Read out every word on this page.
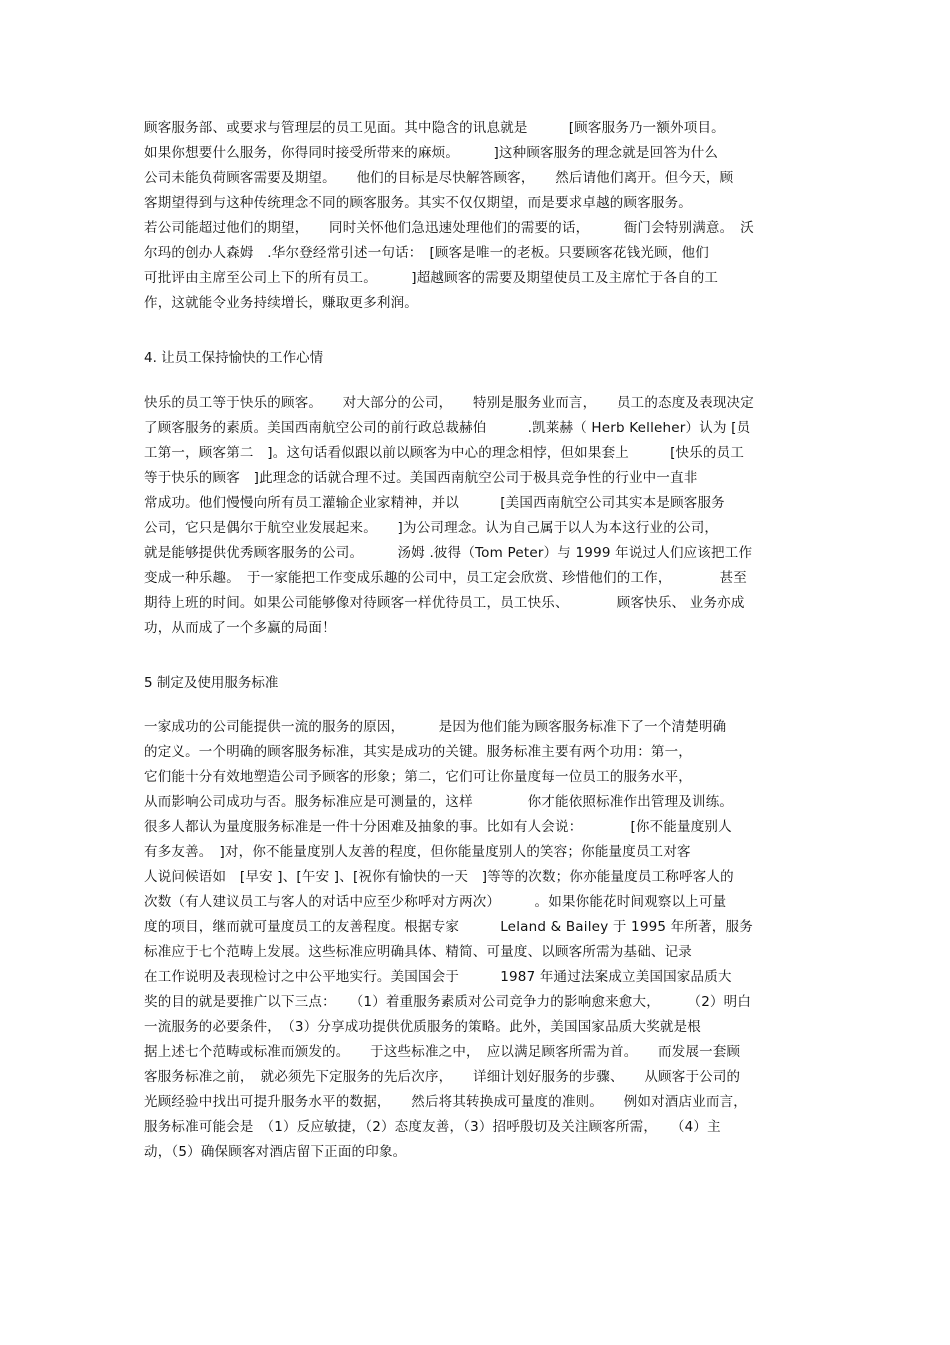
顾客服务部、或要求与管理层的员工见面。其中隐含的讯息就是　　　[顾客服务乃一额外项目。
如果你想要什么服务，你得同时接受所带来的麻烦。　　　]这种顾客服务的理念就是回答为什么
公司未能负荷顾客需要及期望。　　他们的目标是尽快解答顾客，　　然后请他们离开。但今天，顾
客期望得到与这种传统理念不同的顾客服务。其实不仅仅期望，而是要求卓越的顾客服务。
若公司能超过他们的期望，　　同时关怀他们急迅速处理他们的需要的话，　　　衙门会特别满意。　沃
尔玛的创办人森姆　.华尔登经常引述一句话：　[顾客是唯一的老板。只要顾客花钱光顾，他们
可批评由主席至公司上下的所有员工。　　　]超越顾客的需要及期望使员工及主席忙于各自的工
作，这就能令业务持续增长，赚取更多利润。
4. 让员工保持愉快的工作心情
快乐的员工等于快乐的顾客。　　对大部分的公司，　　特别是服务业而言，　　员工的态度及表现决定
了顾客服务的素质。美国西南航空公司的前行政总裁赫伯　　　.凯莱赫（ Herb Kelleher）认为 [员
工第一，顾客第二　]。这句话看似跟以前以顾客为中心的理念相悖，但如果套上　　　[快乐的员工
等于快乐的顾客　]此理念的话就合理不过。美国西南航空公司于极具竞争性的行业中一直非
常成功。他们慢慢向所有员工灌输企业家精神，并以　　　[美国西南航空公司其实本是顾客服务
公司，它只是偶尔于航空业发展起来。　　]为公司理念。认为自己属于以人为本这行业的公司，
就是能够提供优秀顾客服务的公司。　　　汤姆 .彼得（Tom Peter）与 1999 年说过人们应该把工作
变成一种乐趣。　于一家能把工作变成乐趣的公司中，员工定会欣赏、珍惜他们的工作，　　　　甚至
期待上班的时间。如果公司能够像对待顾客一样优待员工，员工快乐、　　　　顾客快乐、 业务亦成
功，从而成了一个多赢的局面！
5 制定及使用服务标准
一家成功的公司能提供一流的服务的原因，　　　是因为他们能为顾客服务标准下了一个清楚明确
的定义。一个明确的顾客服务标准，其实是成功的关键。服务标准主要有两个功用：第一，
它们能十分有效地塑造公司予顾客的形象；第二，它们可让你量度每一位员工的服务水平，
从而影响公司成功与否。服务标准应是可测量的，这样　　　　你才能依照标准作出管理及训练。
很多人都认为量度服务标准是一件十分困难及抽象的事。比如有人会说：　　　　[你不能量度别人
有多友善。　]对，你不能量度别人友善的程度，但你能量度别人的笑容；你能量度员工对客
人说问候语如　[早安 ]、[午安 ]、[祝你有愉快的一天　]等等的次数；你亦能量度员工称呼客人的
次数（有人建议员工与客人的对话中应至少称呼对方两次）　　　。如果你能花时间观察以上可量
度的项目，继而就可量度员工的友善程度。根据专家　　　Leland & Bailey 于 1995 年所著，服务
标准应于七个范畴上发展。这些标准应明确具体、精简、可量度、以顾客所需为基础、记录
在工作说明及表现检讨之中公平地实行。美国国会于　　　1987 年通过法案成立美国国家品质大
奖的目的就是要推广以下三点：　　（1）着重服务素质对公司竞争力的影响愈来愈大，　　　（2）明白
一流服务的必要条件，　（3）分享成功提供优质服务的策略。此外，美国国家品质大奖就是根
据上述七个范畴或标准而颁发的。　　于这些标准之中，　应以满足顾客所需为首。　　而发展一套顾
客服务标准之前，　就必须先下定服务的先后次序，　　详细计划好服务的步骤、　　从顾客于公司的
光顾经验中找出可提升服务水平的数据，　　然后将其转换成可量度的准则。　　例如对酒店业而言，
服务标准可能会是　（1）反应敏捷，（2）态度友善，（3）招呼殷切及关注顾客所需，　　（4）主
动，（5）确保顾客对酒店留下正面的印象。
